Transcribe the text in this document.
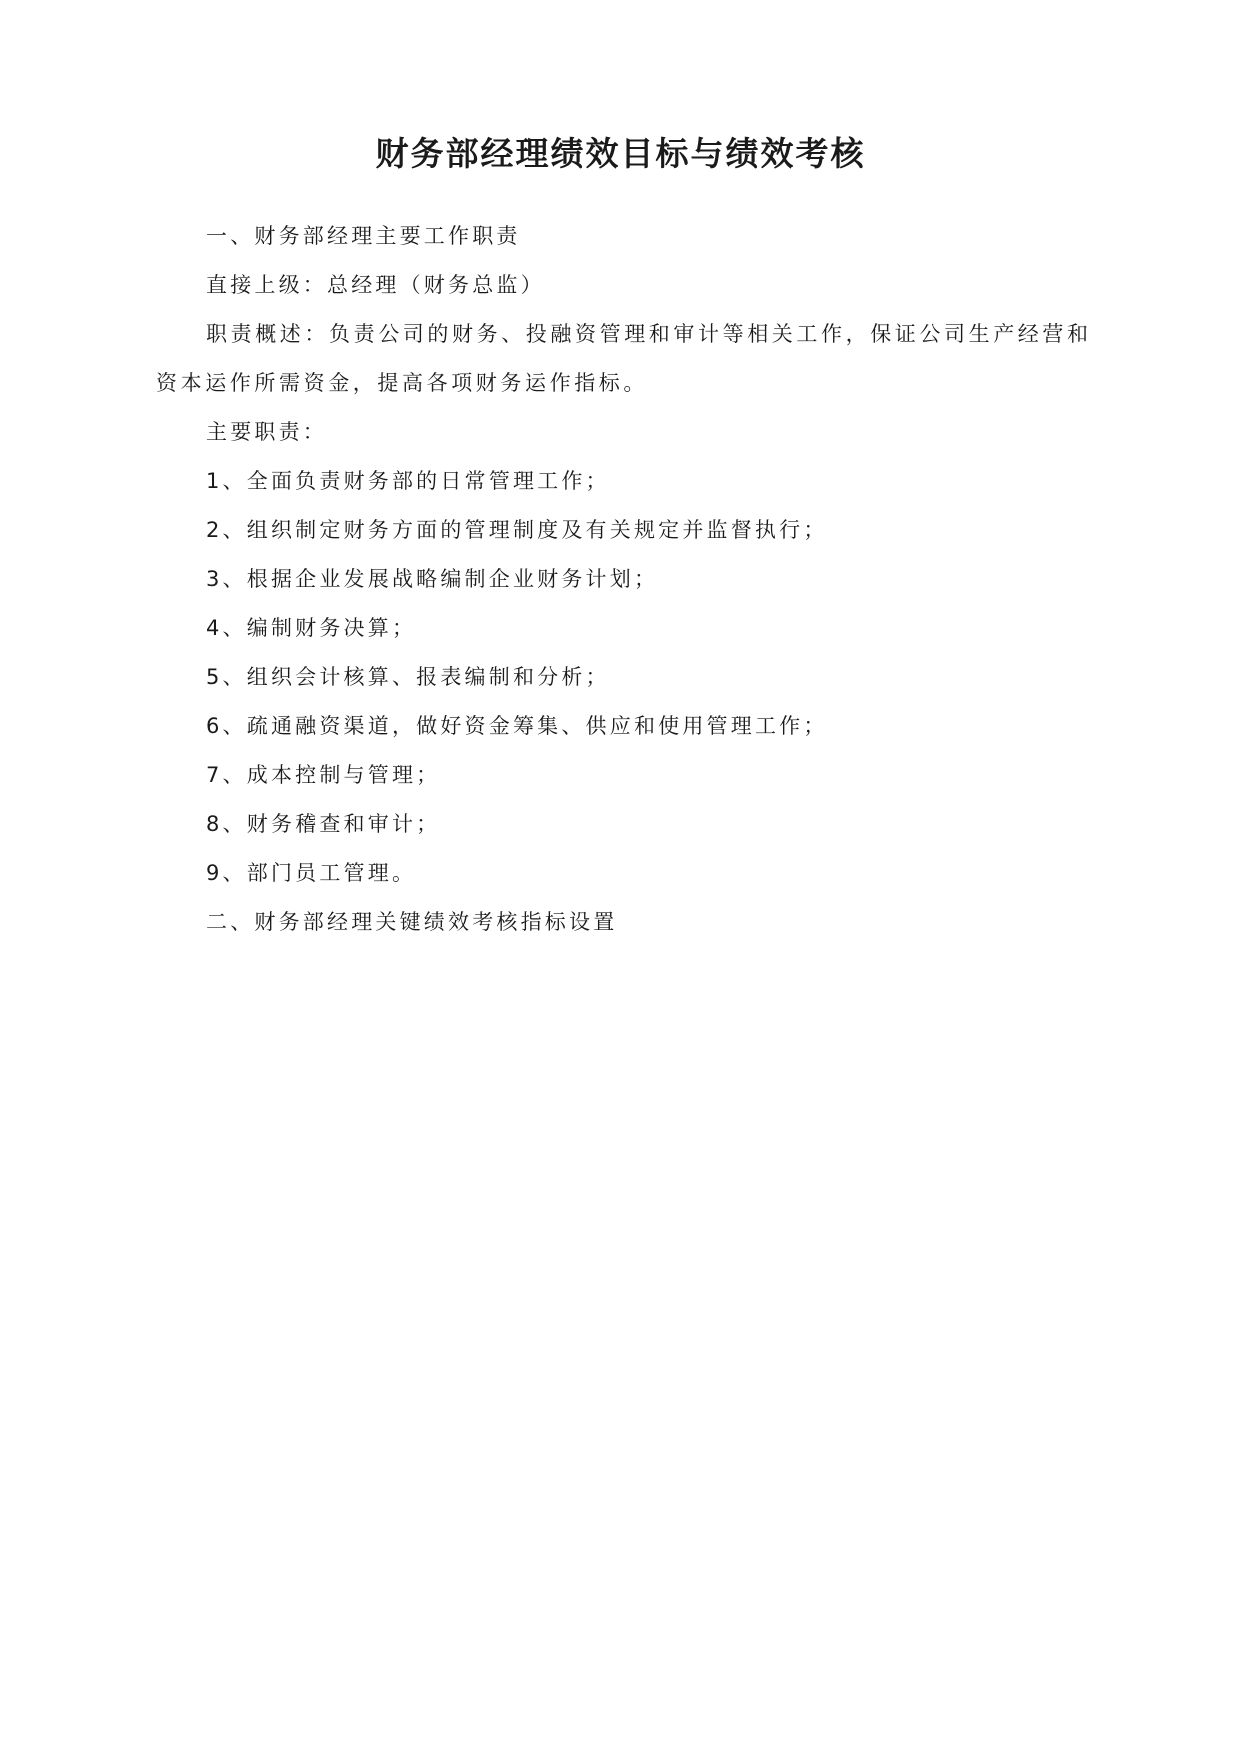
财务部经理绩效目标与绩效考核

一、财务部经理主要工作职责

直接上级：总经理（财务总监）

职责概述：负责公司的财务、投融资管理和审计等相关工作，保证公司生产经营和资本运作所需资金，提高各项财务运作指标。

主要职责：

1、全面负责财务部的日常管理工作；

2、组织制定财务方面的管理制度及有关规定并监督执行；

3、根据企业发展战略编制企业财务计划；

4、编制财务决算；

5、组织会计核算、报表编制和分析；

6、疏通融资渠道，做好资金筹集、供应和使用管理工作；

7、成本控制与管理；

8、财务稽查和审计；

9、部门员工管理。

二、财务部经理关键绩效考核指标设置
